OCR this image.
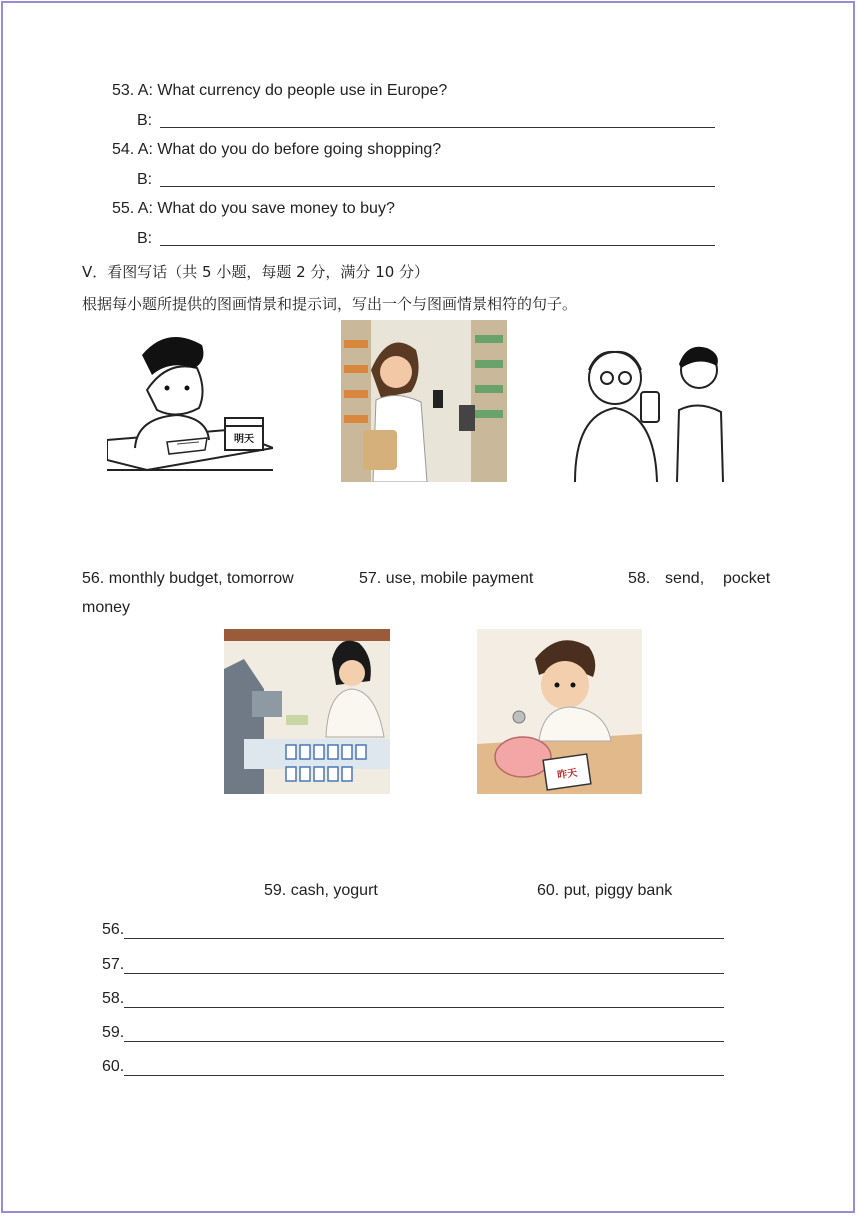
53. A: What currency do people use in Europe?
B:
54. A: What do you do before going shopping?
B:
55. A: What do you save money to buy?
B:
V．看图写话（共 5 小题，每题 2 分，满分 10 分）
根据每小题所提供的图画情景和提示词，写出一个与图画情景相符的句子。
明天
56. monthly budget, tomorrow	57. use, mobile payment	58. send, pocket
money
昨天
59. cash, yogurt	60. put, piggy bank
56.
57.
58.
59.
60.
